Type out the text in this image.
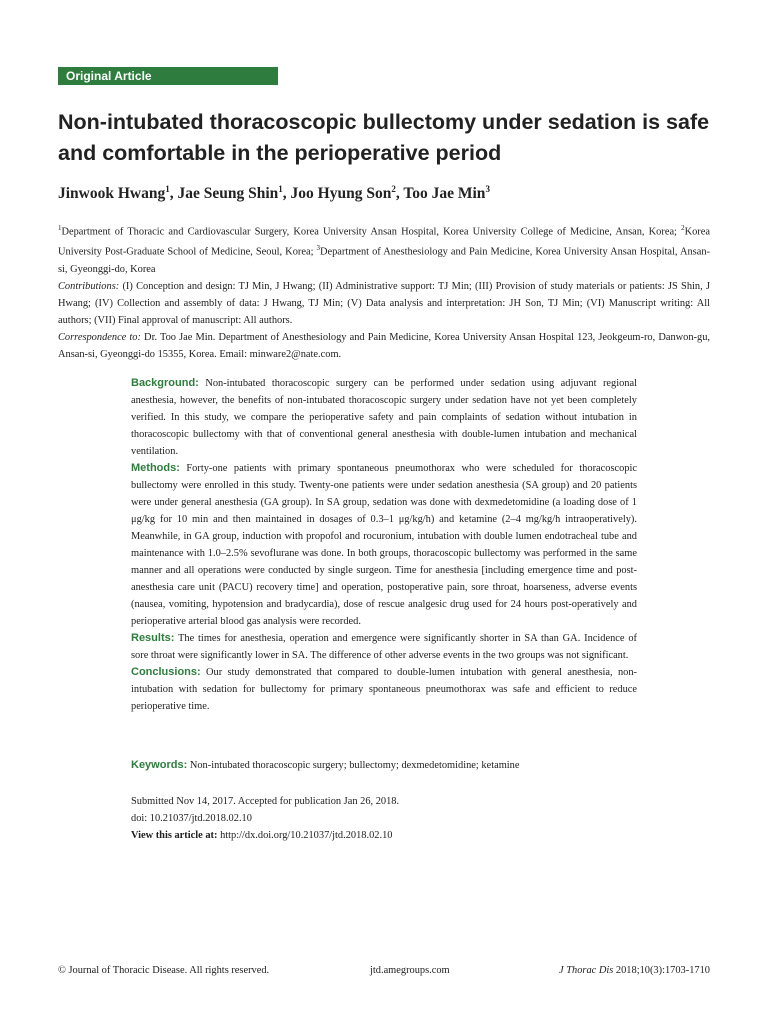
Original Article
Non-intubated thoracoscopic bullectomy under sedation is safe and comfortable in the perioperative period
Jinwook Hwang$^1$, Jae Seung Shin$^1$, Joo Hyung Son$^2$, Too Jae Min$^3$

$^1$Department of Thoracic and Cardiovascular Surgery, Korea University Ansan Hospital, Korea University College of Medicine, Ansan, Korea; $^2$Korea University Post-Graduate School of Medicine, Seoul, Korea; $^3$Department of Anesthesiology and Pain Medicine, Korea University Ansan Hospital, Ansan-si, Gyeonggi-do, Korea

Contributions: (I) Conception and design: TJ Min, J Hwang; (II) Administrative support: TJ Min; (III) Provision of study materials or patients: JS Shin, J Hwang; (IV) Collection and assembly of data: J Hwang, TJ Min; (V) Data analysis and interpretation: JH Son, TJ Min; (VI) Manuscript writing: All authors; (VII) Final approval of manuscript: All authors.

Correspondence to: Dr. Too Jae Min. Department of Anesthesiology and Pain Medicine, Korea University Ansan Hospital 123, Jeokgeum-ro, Danwon-gu, Ansan-si, Gyeonggi-do 15355, Korea. Email: minware2@nate.com.

Background: Non-intubated thoracoscopic surgery can be performed under sedation using adjuvant regional anesthesia, however, the benefits of non-intubated thoracoscopic surgery under sedation have not yet been completely verified. In this study, we compare the perioperative safety and pain complaints of sedation without intubation in thoracoscopic bullectomy with that of conventional general anesthesia with double-lumen intubation and mechanical ventilation.

Methods: Forty-one patients with primary spontaneous pneumothorax who were scheduled for thoracoscopic bullectomy were enrolled in this study. Twenty-one patients were under sedation anesthesia (SA group) and 20 patients were under general anesthesia (GA group). In SA group, sedation was done with dexmedetomidine (a loading dose of 1 μg/kg for 10 min and then maintained in dosages of 0.3–1 μg/kg/h) and ketamine (2–4 mg/kg/h intraoperatively). Meanwhile, in GA group, induction with propofol and rocuronium, intubation with double lumen endotracheal tube and maintenance with 1.0–2.5% sevoflurane was done. In both groups, thoracoscopic bullectomy was performed in the same manner and all operations were conducted by single surgeon. Time for anesthesia [including emergence time and post-anesthesia care unit (PACU) recovery time] and operation, postoperative pain, sore throat, hoarseness, adverse events (nausea, vomiting, hypotension and bradycardia), dose of rescue analgesic drug used for 24 hours post-operatively and perioperative arterial blood gas analysis were recorded.

Results: The times for anesthesia, operation and emergence were significantly shorter in SA than GA. Incidence of sore throat were significantly lower in SA. The difference of other adverse events in the two groups was not significant.

Conclusions: Our study demonstrated that compared to double-lumen intubation with general anesthesia, non-intubation with sedation for bullectomy for primary spontaneous pneumothorax was safe and efficient to reduce perioperative time.

Keywords: Non-intubated thoracoscopic surgery; bullectomy; dexmedetomidine; ketamine

Submitted Nov 14, 2017. Accepted for publication Jan 26, 2018.

doi: 10.21037/jtd.2018.02.10

View this article at: http://dx.doi.org/10.21037/jtd.2018.02.10

© Journal of Thoracic Disease. All rights reserved.	jtd.amegroups.com	J Thorac Dis 2018;10(3):1703-1710
